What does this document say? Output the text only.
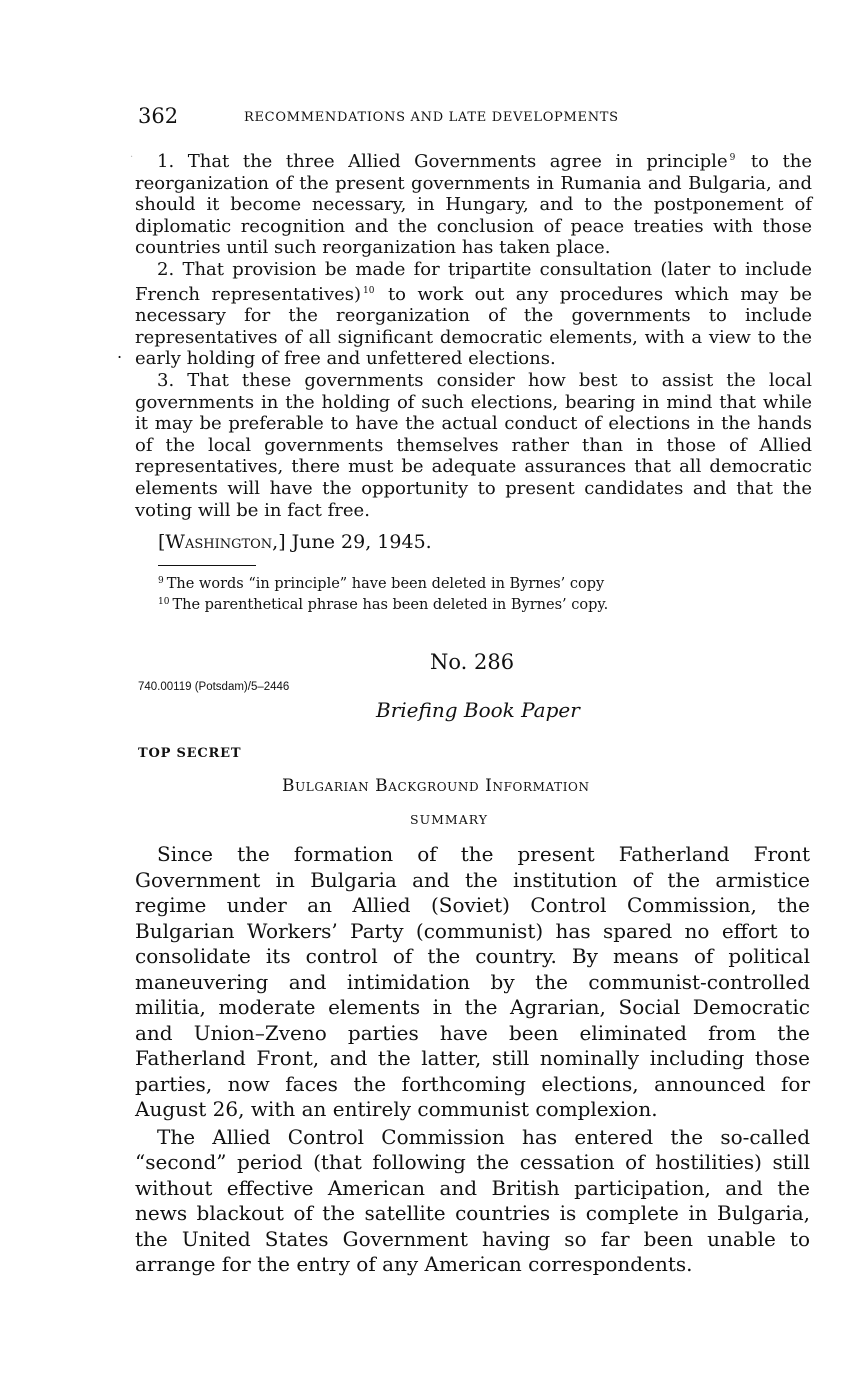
362	RECOMMENDATIONS AND LATE DEVELOPMENTS
·
.

1. That the three Allied Governments agree in principle $^9$ to the reorganization of the present governments in Rumania and Bulgaria, and should it become necessary, in Hungary, and to the postponement of diplomatic recognition and the conclusion of peace treaties with those countries until such reorganization has taken place.

2. That provision be made for tripartite consultation (later to include French representatives) $^{10}$ to work out any procedures which may be necessary for the reorganization of the governments to include representatives of all significant democratic elements, with a view to the early holding of free and unfettered elections.

3. That these governments consider how best to assist the local governments in the holding of such elections, bearing in mind that while it may be preferable to have the actual conduct of elections in the hands of the local governments themselves rather than in those of Allied representatives, there must be adequate assurances that all democratic elements will have the opportunity to present candidates and that the voting will be in fact free.

[Washington,] June 29, 1945.
$^9$ The words “in principle” have been deleted in Byrnes’ copy
$^{10}$ The parenthetical phrase has been deleted in Byrnes’ copy.
No. 286
740.00119 (Potsdam)/5–2446
Briefing Book Paper
TOP SECRET
Bulgarian Background Information
SUMMARY

Since the formation of the present Fatherland Front Government in Bulgaria and the institution of the armistice regime under an Allied (Soviet) Control Commission, the Bulgarian Workers’ Party (communist) has spared no effort to consolidate its control of the country. By means of political maneuvering and intimidation by the communist-controlled militia, moderate elements in the Agrarian, Social Democratic and Union–Zveno parties have been eliminated from the Fatherland Front, and the latter, still nominally including those parties, now faces the forthcoming elections, announced for August 26, with an entirely communist complexion.

The Allied Control Commission has entered the so-called “second” period (that following the cessation of hostilities) still without effective American and British participation, and the news blackout of the satellite countries is complete in Bulgaria, the United States Government having so far been unable to arrange for the entry of any American correspondents.
